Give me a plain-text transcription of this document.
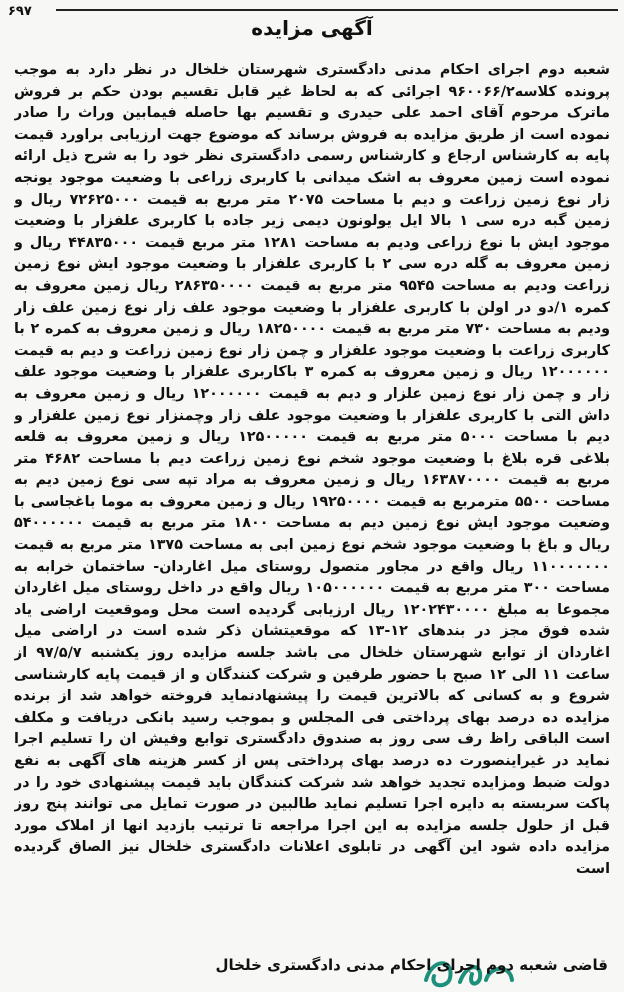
۶۹۷
آگهی مزایده

شعبه دوم اجرای احکام مدنی دادگستری شهرستان خلخال در نظر دارد به موجب پرونده کلاسه۹۶۰۰۶۶/۲ اجرائی که به لحاظ غیر قابل تقسیم بودن حکم بر فروش ماترک مرحوم آقای احمد علی حیدری و تقسیم بها حاصله فیمابین وراث را صادر نموده است از طریق مزایده به فروش برساند که موضوع جهت ارزیابی براورد قیمت پایه به کارشناس ارجاع و کارشناس رسمی دادگستری نظر خود را به شرح ذیل ارائه نموده است زمین معروف به اشک میدانی با کاربری زراعی با وضعیت موجود یونجه زار نوع زمین زراعت و دیم با مساحت ۲۰۷۵ متر مربع به قیمت ۷۲۶۲۵۰۰۰ ریال و زمین گبه دره سی ۱ بالا ایل یولونون دیمی زیر جاده با کاربری علفزار با وضعیت موجود ایش با نوع زراعی ودیم به مساحت ۱۲۸۱ متر مربع قیمت ۴۴۸۳۵۰۰۰ ریال و زمین معروف به گله دره سی ۲ با کاربری علفزار با وضعیت موجود ایش نوع زمین زراعت ودیم به مساحت ۹۵۴۵ متر مربع به قیمت ۲۸۶۳۵۰۰۰۰ ریال زمین معروف به کمره ۱/دو در اولن با کاربری علفزار با وضعیت موجود علف زار نوع زمین علف زار ودیم به مساحت ۷۳۰ متر مربع به قیمت ۱۸۲۵۰۰۰۰ ریال و زمین معروف به کمره ۲ با کاربری زراعت با وضعیت موجود علفزار و چمن زار نوع زمین زراعت و دیم به قیمت ۱۲۰۰۰۰۰۰ ریال و زمین معروف به کمره ۳ باکاربری علفزار با وضعیت موجود علف زار و چمن زار نوع زمین علزار و دیم به قیمت ۱۲۰۰۰۰۰۰ ریال و زمین معروف به داش التی با کاربری علفزار با وضعیت موجود علف زار وچمنزار نوع زمین علفزار و دیم با مساحت ۵۰۰۰ متر مربع به قیمت ۱۲۵۰۰۰۰۰ ریال و زمین معروف به قلعه بلاغی قره بلاغ با وضعیت موجود شخم نوع زمین زراعت دیم با مساحت ۴۶۸۲ متر مربع به قیمت ۱۶۳۸۷۰۰۰۰ ریال و زمین معروف به مراد تپه سی نوع زمین دیم به مساحت ۵۵۰۰ مترمربع به قیمت ۱۹۲۵۰۰۰۰ ریال و زمین معروف به موما باغجاسی با وضعیت موجود ایش نوع زمین دیم به مساحت ۱۸۰۰ متر مربع به قیمت ۵۴۰۰۰۰۰۰ ریال و باغ با وضعیت موجود شخم نوع زمین ابی به مساحت ۱۳۷۵ متر مربع به قیمت ۱۱۰۰۰۰۰۰۰ ریال واقع در مجاور متصول روستای میل اغاردان- ساختمان خرابه به مساحت ۳۰۰ متر مربع به قیمت ۱۰۵۰۰۰۰۰۰ ریال واقع در داخل روستای میل اغاردان مجموعا به مبلغ ۱۲۰۲۴۳۰۰۰۰ ریال ارزیابی گردیده است محل وموقعیت اراضی یاد شده فوق مجز در بندهای ۱۲-۱۳ که موقعیتشان ذکر شده است در اراضی میل اغاردان از توابع شهرستان خلخال می باشد جلسه مزایده روز یکشنبه ۹۷/۵/۷ از ساعت ۱۱ الی ۱۲ صبح با حضور طرفین و شرکت کنندگان و از قیمت پایه کارشناسی شروع و به کسانی که بالاترین قیمت را پیشنهادنماید فروخته خواهد شد از برنده مزایده ده درصد بهای پرداختی فی المجلس و بموجب رسید بانکی دریافت و مکلف است الباقی راظ رف سی روز به صندوق دادگستری توابع وفیش ان را تسلیم اجرا نماید در غیراینصورت ده درصد بهای پرداختی پس از کسر هزینه های آگهی به نفع دولت ضبط ومزایده تجدید خواهد شد شرکت کنندگان باید قیمت پیشنهادی خود را در پاکت سربسته به دایره اجرا تسلیم نماید طالبین در صورت تمایل می توانند پنج روز قبل از حلول جلسه مزایده به این اجرا مراجعه تا ترتیب بازدید انها از املاک مورد مزایده داده شود این آگهی در تابلوی اعلانات دادگستری خلخال نیز الصاق گردیده است

قاضی شعبه دوم اجرای احکام مدنی دادگستری خلخال
